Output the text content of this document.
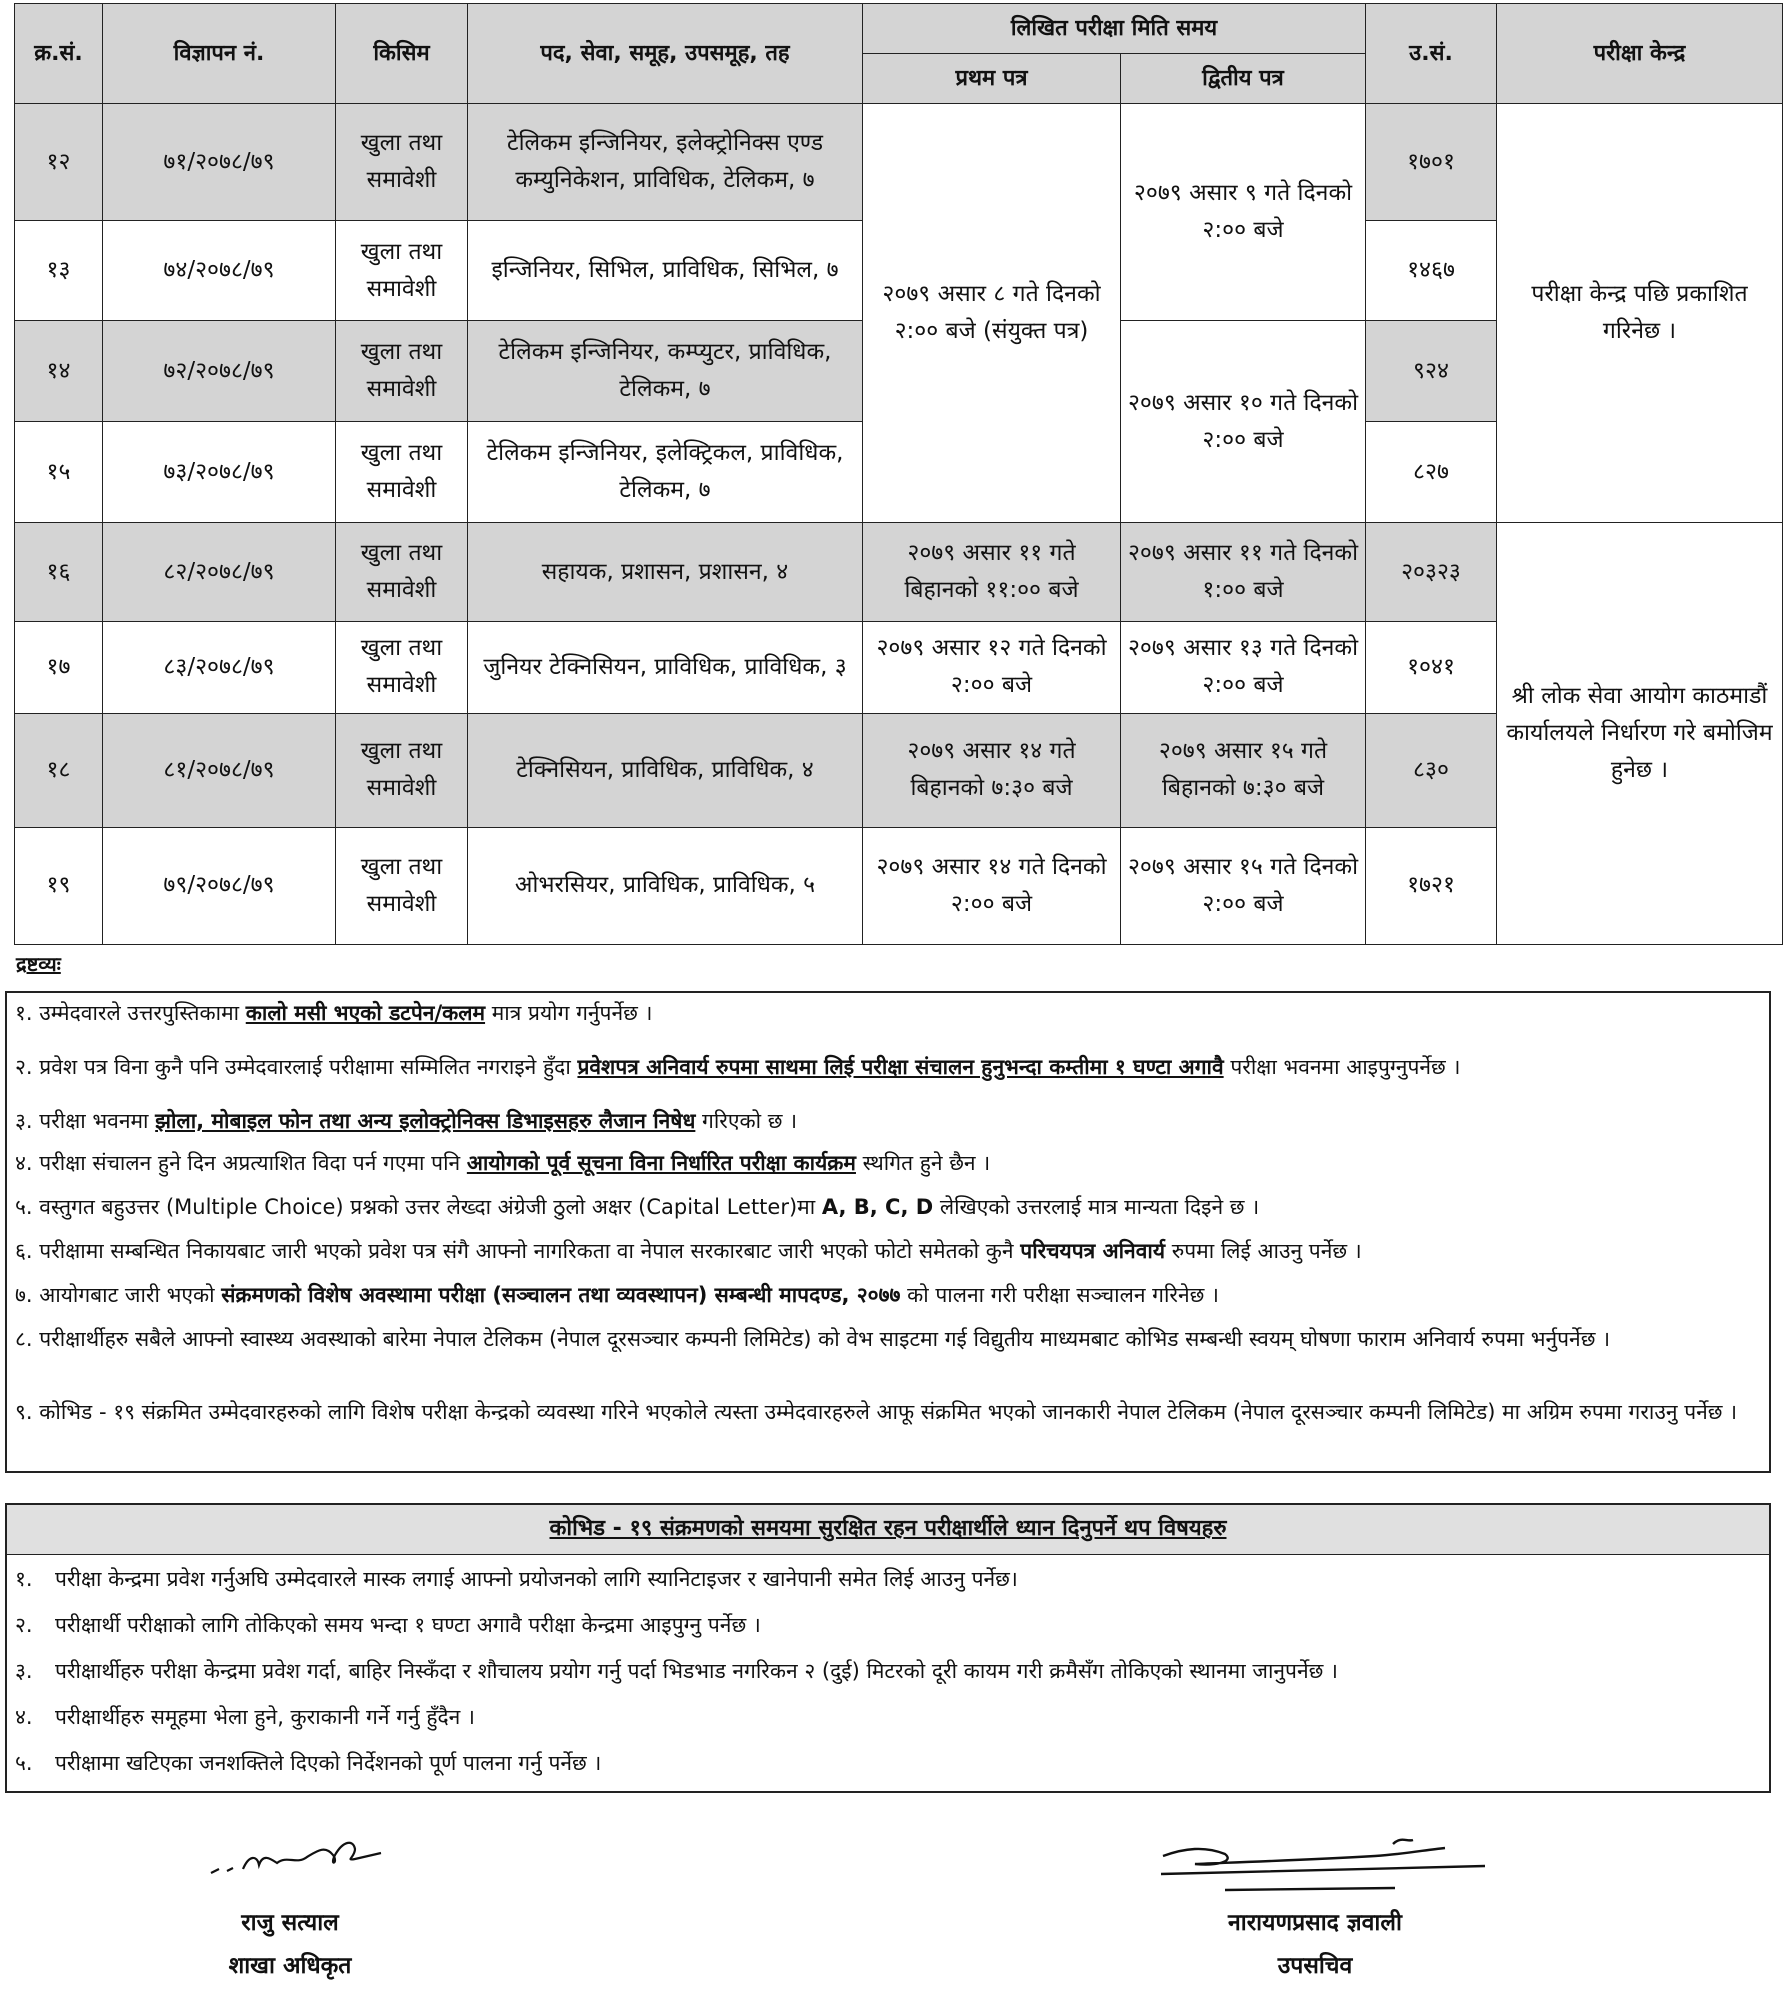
क्र.सं.	विज्ञापन नं.	किसिम	पद, सेवा, समूह, उपसमूह, तह	लिखित परीक्षा मिति समय		उ.सं.	परीक्षा केन्द्र
				प्रथम पत्र	द्वितीय पत्र		
१२	७१/२०७८/७९	खुला तथा समावेशी	टेलिकम इन्जिनियर, इलेक्ट्रोनिक्स एण्ड कम्युनिकेशन, प्राविधिक, टेलिकम, ७	२०७९ असार ८ गते दिनको २:०० बजे (संयुक्त पत्र)	२०७९ असार ९ गते दिनको २:०० बजे	१७०१	परीक्षा केन्द्र पछि प्रकाशित गरिनेछ ।
१३	७४/२०७८/७९	खुला तथा समावेशी	इन्जिनियर, सिभिल, प्राविधिक, सिभिल, ७			१४६७	
१४	७२/२०७८/७९	खुला तथा समावेशी	टेलिकम इन्जिनियर, कम्प्युटर, प्राविधिक, टेलिकम, ७		२०७९ असार १० गते दिनको २:०० बजे	९२४	
१५	७३/२०७८/७९	खुला तथा समावेशी	टेलिकम इन्जिनियर, इलेक्ट्रिकल, प्राविधिक, टेलिकम, ७			८२७	
१६	८२/२०७८/७९	खुला तथा समावेशी	सहायक, प्रशासन, प्रशासन, ४	२०७९ असार ११ गते बिहानको ११:०० बजे	२०७९ असार ११ गते दिनको १:०० बजे	२०३२३	श्री लोक सेवा आयोग काठमाडौं कार्यालयले निर्धारण गरे बमोजिम हुनेछ ।
१७	८३/२०७८/७९	खुला तथा समावेशी	जुनियर टेक्निसियन, प्राविधिक, प्राविधिक, ३	२०७९ असार १२ गते दिनको २:०० बजे	२०७९ असार १३ गते दिनको २:०० बजे	१०४१	
१८	८१/२०७८/७९	खुला तथा समावेशी	टेक्निसियन, प्राविधिक, प्राविधिक, ४	२०७९ असार १४ गते बिहानको ७:३० बजे	२०७९ असार १५ गते बिहानको ७:३० बजे	८३०	
१९	७९/२०७८/७९	खुला तथा समावेशी	ओभरसियर, प्राविधिक, प्राविधिक, ५	२०७९ असार १४ गते दिनको २:०० बजे	२०७९ असार १५ गते दिनको २:०० बजे	१७२१	
द्रष्टव्यः
१. उम्मेदवारले उत्तरपुस्तिकामा कालो मसी भएको डटपेन/कलम मात्र प्रयोग गर्नुपर्नेछ ।
२. प्रवेश पत्र विना कुनै पनि उम्मेदवारलाई परीक्षामा सम्मिलित नगराइने हुँदा प्रवेशपत्र अनिवार्य रुपमा साथमा लिई परीक्षा संचालन हुनुभन्दा कम्तीमा १ घण्टा अगावै परीक्षा भवनमा आइपुग्नुपर्नेछ ।
३. परीक्षा भवनमा झोला, मोबाइल फोन तथा अन्य इलोक्ट्रोनिक्स डिभाइसहरु लैजान निषेध गरिएको छ ।
४. परीक्षा संचालन हुने दिन अप्रत्याशित विदा पर्न गएमा पनि आयोगको पूर्व सूचना विना निर्धारित परीक्षा कार्यक्रम स्थगित हुने छैन ।
५. वस्तुगत बहुउत्तर (Multiple Choice) प्रश्नको उत्तर लेख्दा अंग्रेजी ठुलो अक्षर (Capital Letter)मा A, B, C, D लेखिएको उत्तरलाई मात्र मान्यता दिइने छ ।
६. परीक्षामा सम्बन्धित निकायबाट जारी भएको प्रवेश पत्र संगै आफ्नो नागरिकता वा नेपाल सरकारबाट जारी भएको फोटो समेतको कुनै परिचयपत्र अनिवार्य रुपमा लिई आउनु पर्नेछ ।
७. आयोगबाट जारी भएको संक्रमणको विशेष अवस्थामा परीक्षा (सञ्चालन तथा व्यवस्थापन) सम्बन्धी मापदण्ड, २०७७ को पालना गरी परीक्षा सञ्चालन गरिनेछ ।
८. परीक्षार्थीहरु सबैले आफ्नो स्वास्थ्य अवस्थाको बारेमा नेपाल टेलिकम (नेपाल दूरसञ्चार कम्पनी लिमिटेड) को वेभ साइटमा गई विद्युतीय माध्यमबाट कोभिड सम्बन्धी स्वयम् घोषणा फाराम अनिवार्य रुपमा भर्नुपर्नेछ ।
९. कोभिड - १९ संक्रमित उम्मेदवारहरुको लागि विशेष परीक्षा केन्द्रको व्यवस्था गरिने भएकोले त्यस्ता उम्मेदवारहरुले आफू संक्रमित भएको जानकारी नेपाल टेलिकम (नेपाल दूरसञ्चार कम्पनी लिमिटेड) मा अग्रिम रुपमा गराउनु पर्नेछ ।
कोभिड - १९ संक्रमणको समयमा सुरक्षित रहन परीक्षार्थीले ध्यान दिनुपर्ने थप विषयहरु
१. परीक्षा केन्द्रमा प्रवेश गर्नुअघि उम्मेदवारले मास्क लगाई आफ्नो प्रयोजनको लागि स्यानिटाइजर र खानेपानी समेत लिई आउनु पर्नेछ।
२. परीक्षार्थी परीक्षाको लागि तोकिएको समय भन्दा १ घण्टा अगावै परीक्षा केन्द्रमा आइपुग्नु पर्नेछ ।
३. परीक्षार्थीहरु परीक्षा केन्द्रमा प्रवेश गर्दा, बाहिर निस्कँदा र शौचालय प्रयोग गर्नु पर्दा भिडभाड नगरिकन २ (दुई) मिटरको दूरी कायम गरी क्रमैसँग तोकिएको स्थानमा जानुपर्नेछ ।
४. परीक्षार्थीहरु समूहमा भेला हुने, कुराकानी गर्ने गर्नु हुँदैन ।
५. परीक्षामा खटिएका जनशक्तिले दिएको निर्देशनको पूर्ण पालना गर्नु पर्नेछ ।
राजु सत्याल
शाखा अधिकृत
नारायणप्रसाद ज्ञवाली
उपसचिव
